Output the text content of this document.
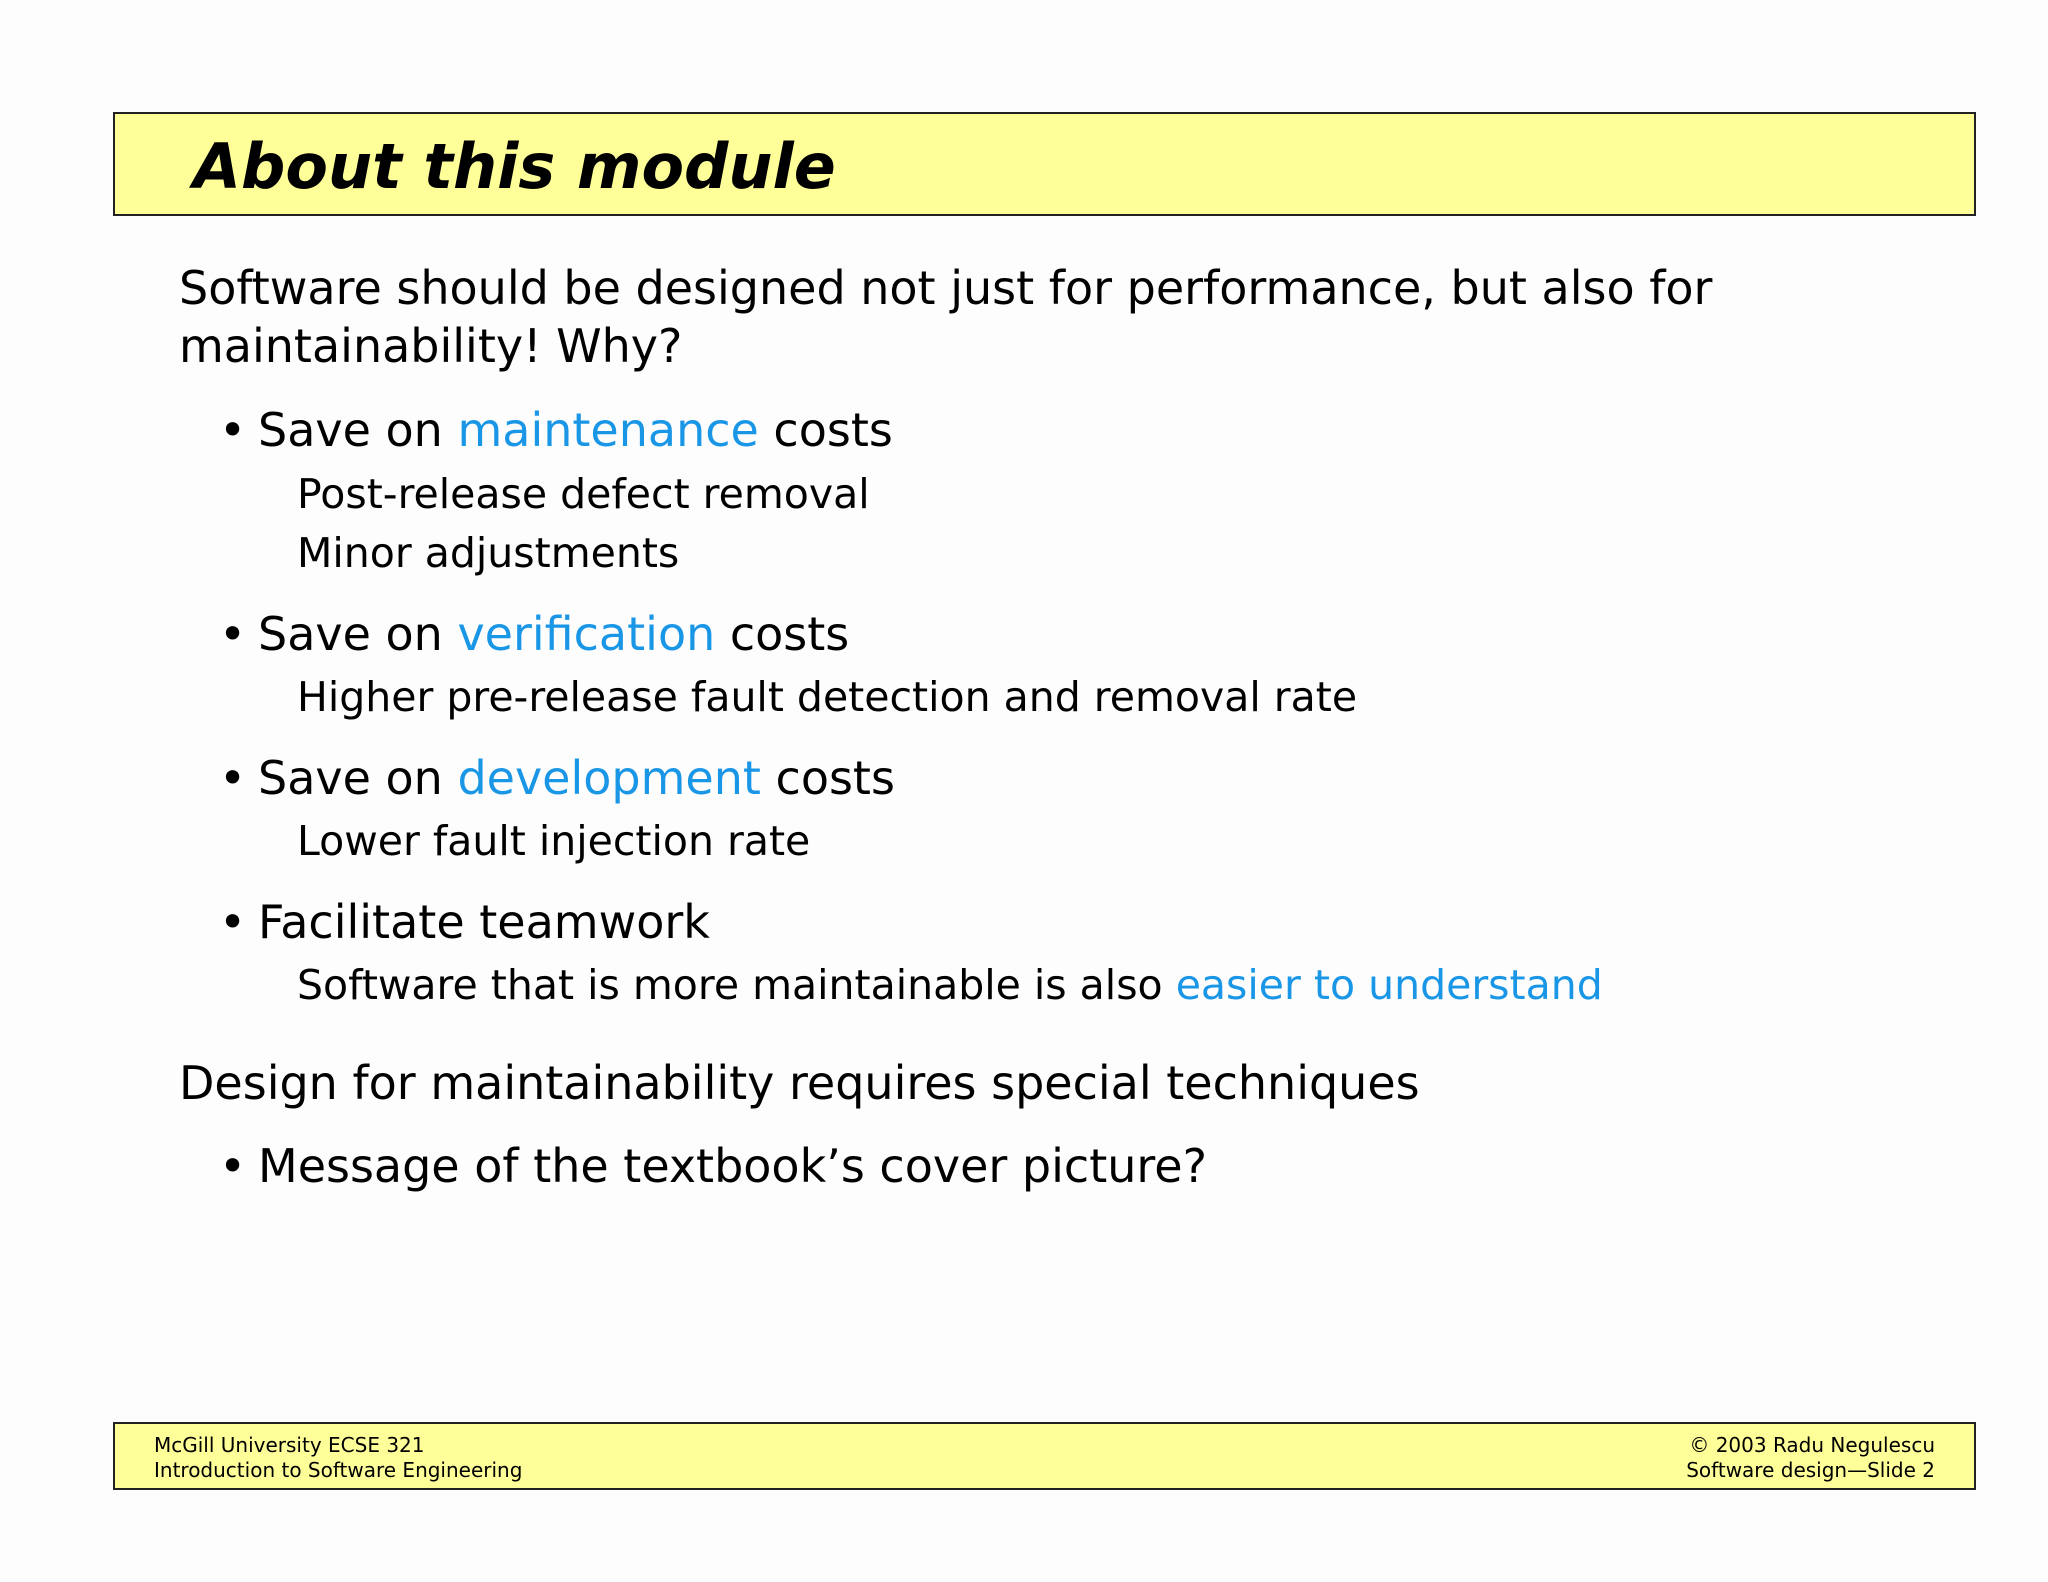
About this module
Software should be designed not just for performance, but also for
maintainability! Why?
• Save on maintenance costs
Post-release defect removal
Minor adjustments
• Save on verification costs
Higher pre-release fault detection and removal rate
• Save on development costs
Lower fault injection rate
• Facilitate teamwork
Software that is more maintainable is also easier to understand
Design for maintainability requires special techniques
• Message of the textbook’s cover picture?
McGill University ECSE 321
Introduction to Software Engineering
© 2003 Radu Negulescu
Software design—Slide 2
